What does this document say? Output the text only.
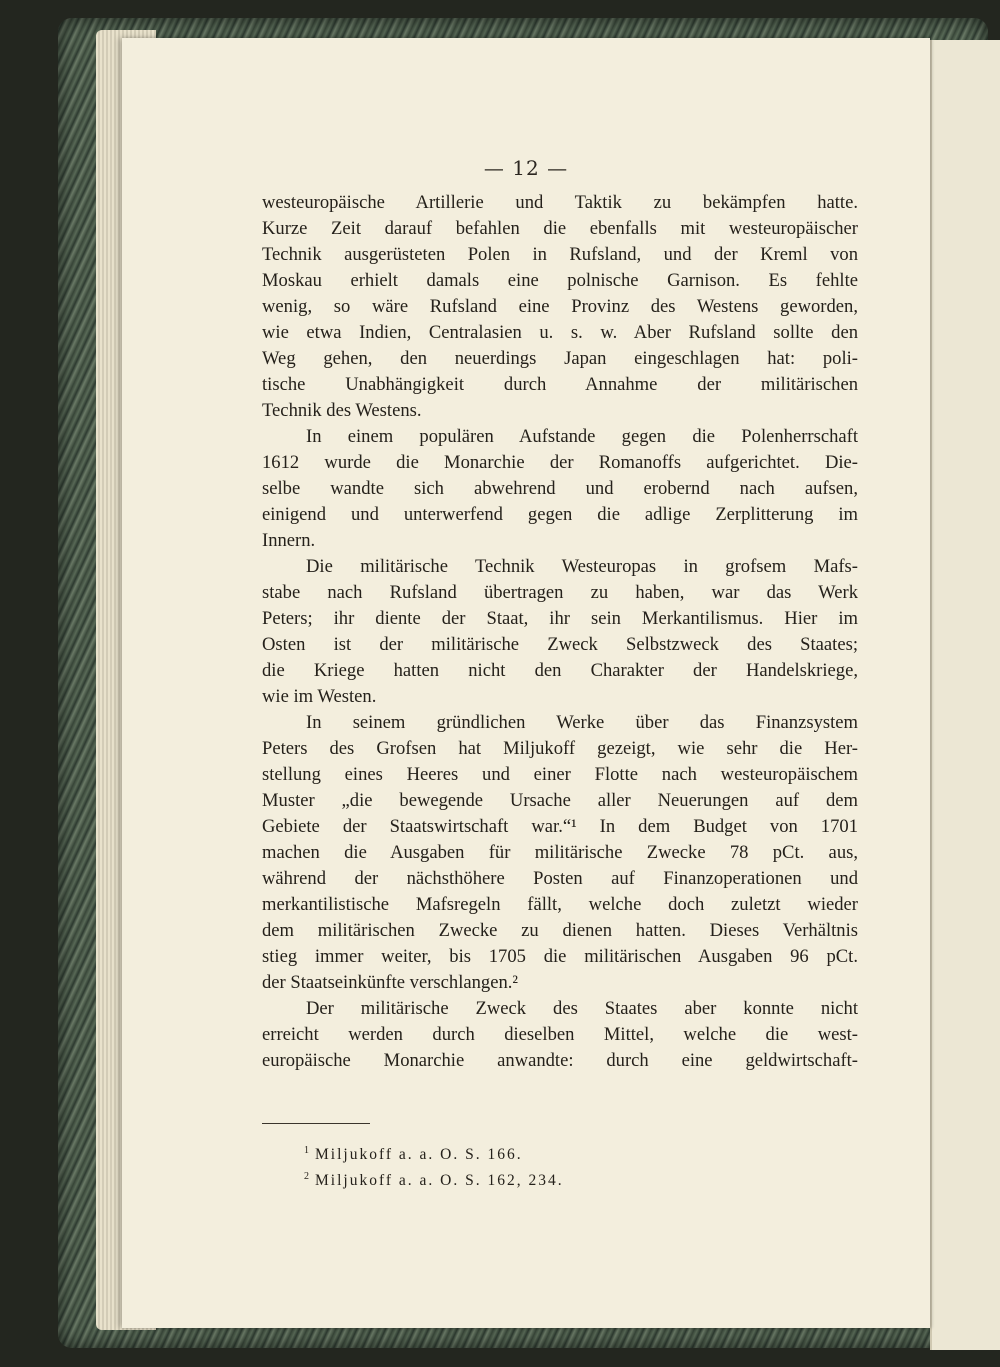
— 12 —
westeuropäische Artillerie und Taktik zu bekämpfen hatte.
Kurze Zeit darauf befahlen die ebenfalls mit westeuropäischer
Technik ausgerüsteten Polen in Rufsland, und der Kreml von
Moskau erhielt damals eine polnische Garnison. Es fehlte
wenig, so wäre Rufsland eine Provinz des Westens geworden,
wie etwa Indien, Centralasien u. s. w. Aber Rufsland sollte den
Weg gehen, den neuerdings Japan eingeschlagen hat: poli-
tische Unabhängigkeit durch Annahme der militärischen
Technik des Westens.
In einem populären Aufstande gegen die Polenherrschaft
1612 wurde die Monarchie der Romanoffs aufgerichtet. Die-
selbe wandte sich abwehrend und erobernd nach aufsen,
einigend und unterwerfend gegen die adlige Zerplitterung im
Innern.
Die militärische Technik Westeuropas in grofsem Mafs-
stabe nach Rufsland übertragen zu haben, war das Werk
Peters; ihr diente der Staat, ihr sein Merkantilismus. Hier im
Osten ist der militärische Zweck Selbstzweck des Staates;
die Kriege hatten nicht den Charakter der Handelskriege,
wie im Westen.
In seinem gründlichen Werke über das Finanzsystem
Peters des Grofsen hat Miljukoff gezeigt, wie sehr die Her-
stellung eines Heeres und einer Flotte nach westeuropäischem
Muster „die bewegende Ursache aller Neuerungen auf dem
Gebiete der Staatswirtschaft war.“¹ In dem Budget von 1701
machen die Ausgaben für militärische Zwecke 78 pCt. aus,
während der nächsthöhere Posten auf Finanzoperationen und
merkantilistische Mafsregeln fällt, welche doch zuletzt wieder
dem militärischen Zwecke zu dienen hatten. Dieses Verhältnis
stieg immer weiter, bis 1705 die militärischen Ausgaben 96 pCt.
der Staatseinkünfte verschlangen.²
Der militärische Zweck des Staates aber konnte nicht
erreicht werden durch dieselben Mittel, welche die west-
europäische Monarchie anwandte: durch eine geldwirtschaft-
$^1$ Miljukoff a. a. O. S. 166.
$^2$ Miljukoff a. a. O. S. 162, 234.
